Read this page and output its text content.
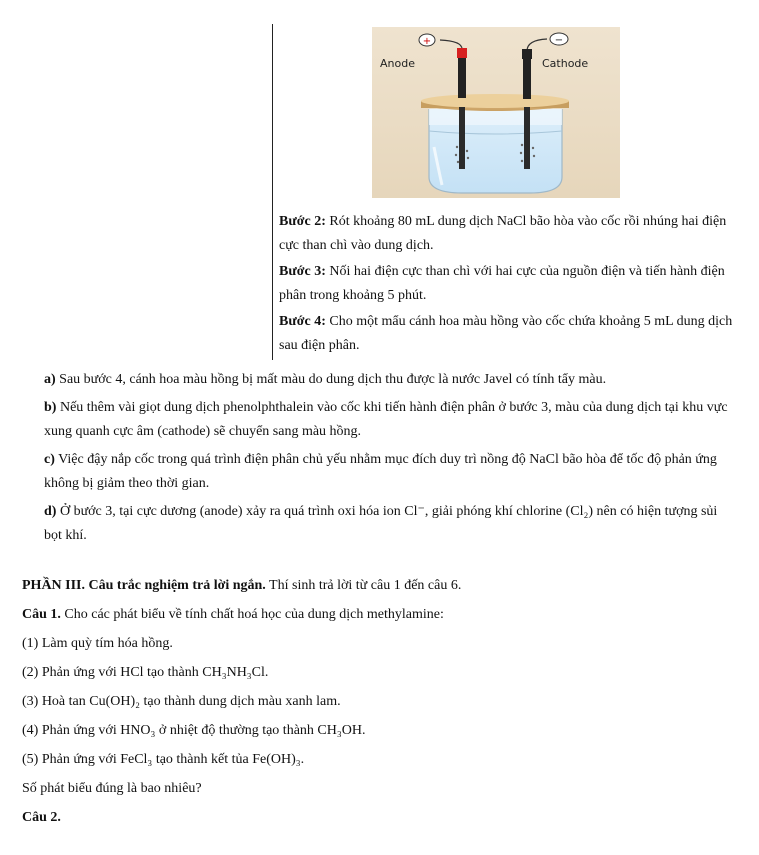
+	−
Anode	Cathode

Bước 2: Rót khoảng 80 mL dung dịch NaCl bão hòa vào cốc rồi nhúng hai điện cực than chì vào dung dịch.

Bước 3: Nối hai điện cực than chì với hai cực của nguồn điện và tiến hành điện phân trong khoảng 5 phút.

Bước 4: Cho một mẩu cánh hoa màu hồng vào cốc chứa khoảng 5 mL dung dịch sau điện phân.

a) Sau bước 4, cánh hoa màu hồng bị mất màu do dung dịch thu được là nước Javel có tính tẩy màu.

b) Nếu thêm vài giọt dung dịch phenolphthalein vào cốc khi tiến hành điện phân ở bước 3, màu của dung dịch tại khu vực xung quanh cực âm (cathode) sẽ chuyển sang màu hồng.

c) Việc đậy nắp cốc trong quá trình điện phân chủ yếu nhằm mục đích duy trì nồng độ NaCl bão hòa để tốc độ phản ứng không bị giảm theo thời gian.

d) Ở bước 3, tại cực dương (anode) xảy ra quá trình oxi hóa ion Cl⁻, giải phóng khí chlorine (Cl₂) nên có hiện tượng sủi bọt khí.

PHẦN III. Câu trắc nghiệm trả lời ngắn. Thí sinh trả lời từ câu 1 đến câu 6.

Câu 1. Cho các phát biểu về tính chất hoá học của dung dịch methylamine:

(1) Làm quỳ tím hóa hồng.

(2) Phản ứng với HCl tạo thành CH₃NH₃Cl.

(3) Hoà tan Cu(OH)₂ tạo thành dung dịch màu xanh lam.

(4) Phản ứng với HNO₃ ở nhiệt độ thường tạo thành CH₃OH.

(5) Phản ứng với FeCl₃ tạo thành kết tủa Fe(OH)₃.

Số phát biểu đúng là bao nhiêu?

Câu 2.
